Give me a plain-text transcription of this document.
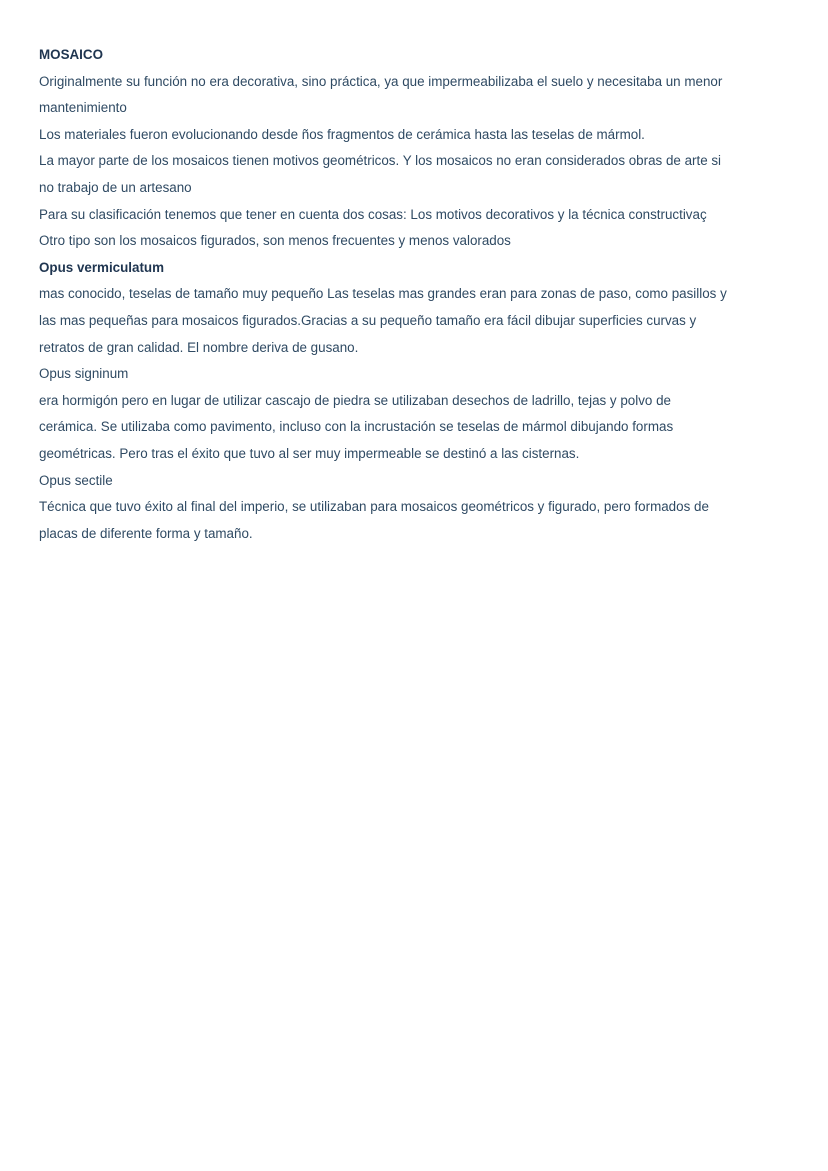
MOSAICO
Originalmente su función no era decorativa, sino práctica, ya que impermeabilizaba el suelo y necesitaba un menor
mantenimiento
Los materiales fueron evolucionando desde ños fragmentos de cerámica hasta las teselas de mármol.
La mayor parte de los mosaicos tienen motivos geométricos. Y los mosaicos no eran considerados obras de arte si
no trabajo de un artesano
Para su clasificación tenemos que tener en cuenta dos cosas: Los motivos decorativos y la técnica constructivaç
Otro tipo son los mosaicos figurados, son menos frecuentes y menos valorados
Opus vermiculatum
mas conocido, teselas de tamaño muy pequeño Las teselas mas grandes eran para zonas de paso, como pasillos y
las mas pequeñas para mosaicos figurados.Gracias a su pequeño tamaño era fácil dibujar superficies curvas y
retratos de gran calidad. El nombre deriva de gusano.
Opus signinum
era hormigón pero en lugar de utilizar cascajo de piedra se utilizaban desechos de ladrillo, tejas y polvo de
cerámica. Se utilizaba como pavimento, incluso con la incrustación se teselas de mármol dibujando formas
geométricas. Pero tras el éxito que tuvo al ser muy impermeable se destinó a las cisternas.
Opus sectile
Técnica que tuvo éxito al final del imperio, se utilizaban para mosaicos geométricos y figurado, pero formados de
placas de diferente forma y tamaño.
